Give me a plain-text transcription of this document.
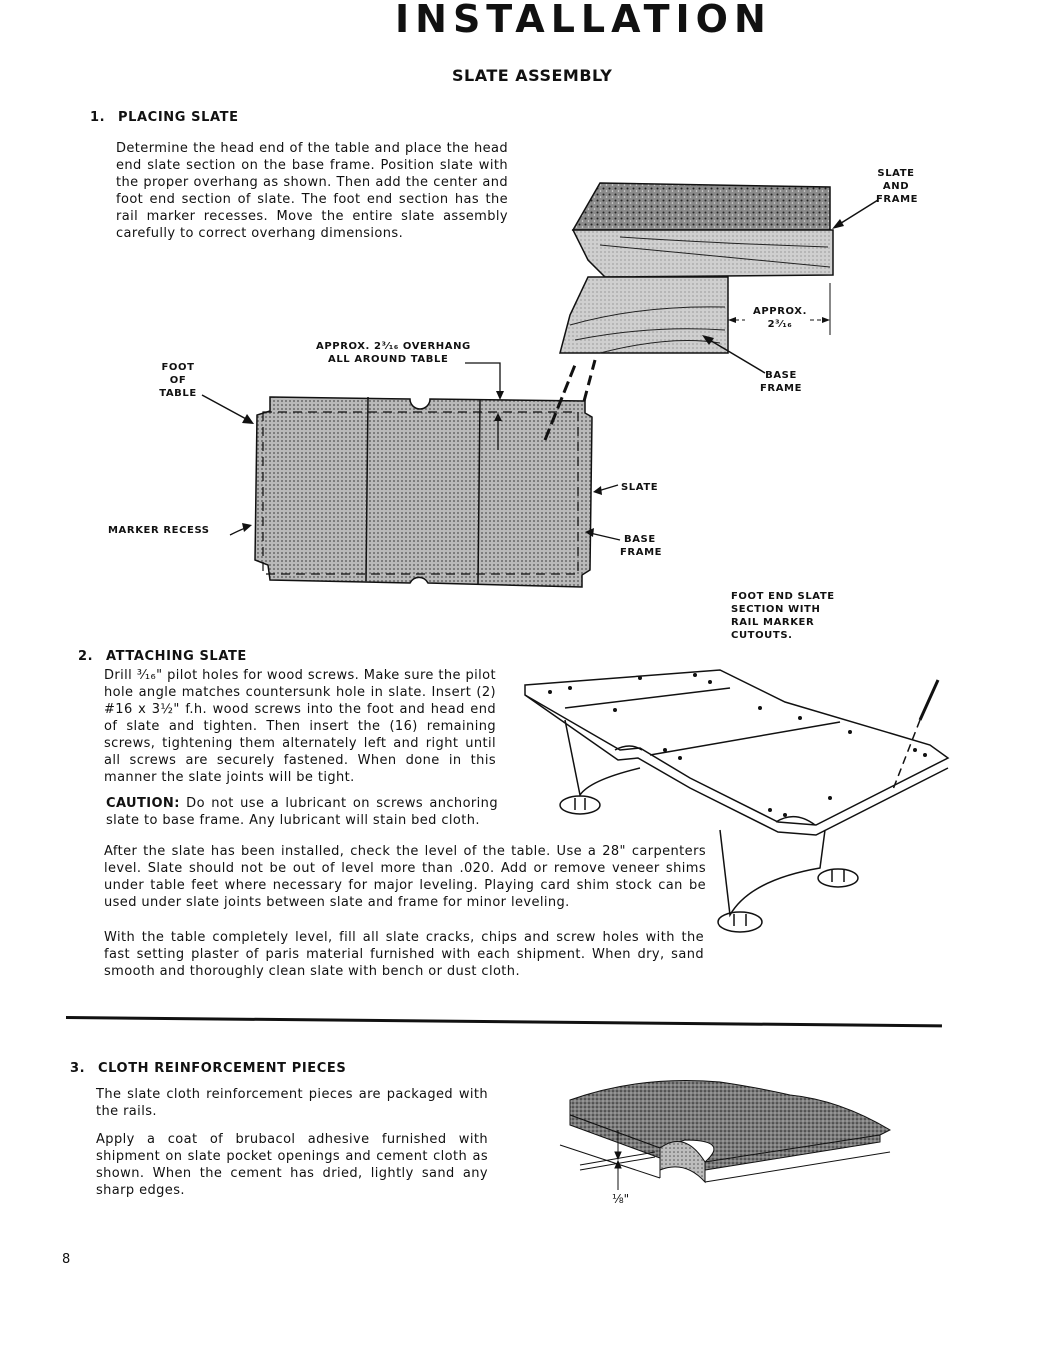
INSTALLATION
SLATE ASSEMBLY
1. PLACING SLATE
Determine the head end of the table and place the head end slate section on the base frame. Position slate with the proper overhang as shown. Then add the center and foot end section of slate. The foot end section has the rail marker recesses. Move the entire slate assembly carefully to correct overhang dimensions.
SLATE
AND
FRAME
APPROX.
2³⁄₁₆
BASE
FRAME
APPROX. 2³⁄₁₆ OVERHANG
ALL AROUND TABLE
FOOT
OF
TABLE
MARKER RECESS
SLATE
BASE
FRAME
FOOT END SLATE
SECTION WITH
RAIL MARKER
CUTOUTS.
2. ATTACHING SLATE
Drill ³⁄₁₆" pilot holes for wood screws. Make sure the pilot hole angle matches countersunk hole in slate. Insert (2) #16 x 3½" f.h. wood screws into the foot and head end of slate and tighten. Then insert the (16) remaining screws, tightening them alternately left and right until all screws are securely fastened. When done in this manner the slate joints will be tight.
CAUTION: Do not use a lubricant on screws anchoring slate to base frame. Any lubricant will stain bed cloth.
After the slate has been installed, check the level of the table. Use a 28" carpenters level. Slate should not be out of level more than .020. Add or remove veneer shims under table feet where necessary for major leveling. Playing card shim stock can be used under slate joints between slate and frame for minor leveling.
With the table completely level, fill all slate cracks, chips and screw holes with the fast setting plaster of paris material furnished with each shipment. When dry, sand smooth and thoroughly clean slate with bench or dust cloth.
3. CLOTH REINFORCEMENT PIECES
The slate cloth reinforcement pieces are packaged with the rails.
Apply a coat of brubacol adhesive furnished with shipment on slate pocket openings and cement cloth as shown. When the cement has dried, lightly sand any sharp edges.
⅛"
8
